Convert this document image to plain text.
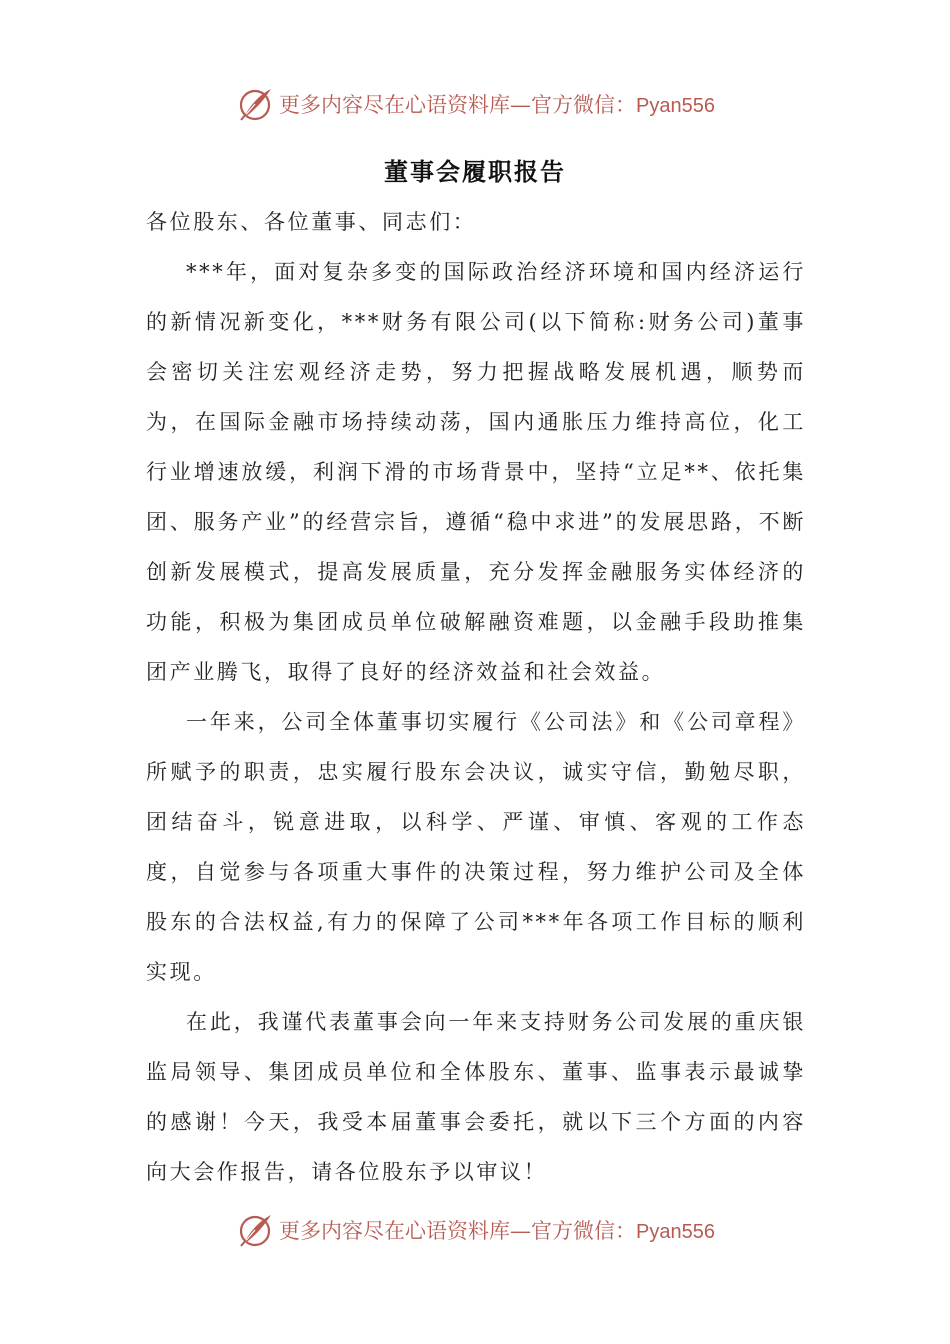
更多内容尽在心语资料库—官方微信：Pyan556
董事会履职报告

各位股东、各位董事、同志们：

***年，面对复杂多变的国际政治经济环境和国内经济运行的新情况新变化，***财务有限公司(以下简称:财务公司)董事会密切关注宏观经济走势，努力把握战略发展机遇，顺势而为，在国际金融市场持续动荡，国内通胀压力维持高位，化工行业增速放缓，利润下滑的市场背景中，坚持“立足**、依托集团、服务产业”的经营宗旨，遵循“稳中求进”的发展思路，不断创新发展模式，提高发展质量，充分发挥金融服务实体经济的功能，积极为集团成员单位破解融资难题，以金融手段助推集团产业腾飞，取得了良好的经济效益和社会效益。

一年来，公司全体董事切实履行《公司法》和《公司章程》所赋予的职责，忠实履行股东会决议，诚实守信，勤勉尽职，团结奋斗，锐意进取，以科学、严谨、审慎、客观的工作态度，自觉参与各项重大事件的决策过程，努力维护公司及全体股东的合法权益,有力的保障了公司***年各项工作目标的顺利实现。

在此，我谨代表董事会向一年来支持财务公司发展的重庆银监局领导、集团成员单位和全体股东、董事、监事表示最诚挚的感谢！今天，我受本届董事会委托，就以下三个方面的内容向大会作报告，请各位股东予以审议！

更多内容尽在心语资料库—官方微信：Pyan556
